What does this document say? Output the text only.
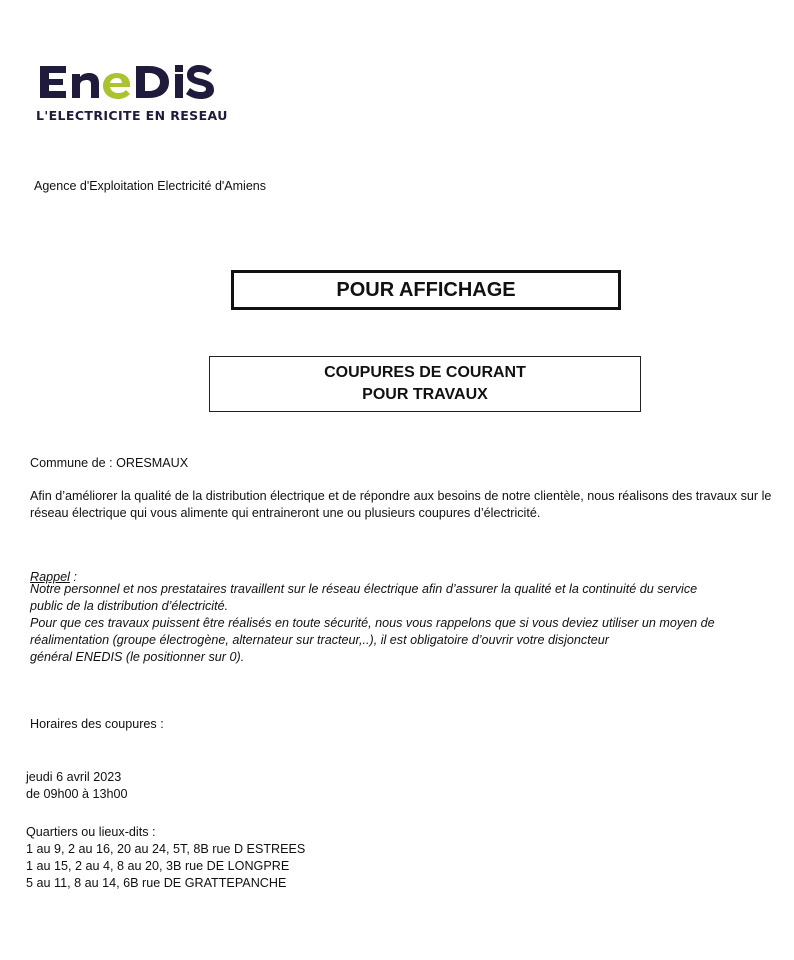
L'ELECTRICITE EN RESEAU
Agence d'Exploitation Electricité d'Amiens
POUR AFFICHAGE
COUPURES DE COURANT
POUR TRAVAUX
Commune de : ORESMAUX
Afin d’améliorer la qualité de la distribution électrique et de répondre aux besoins de notre clientèle, nous réalisons des travaux sur le réseau électrique qui vous alimente qui entraineront une ou plusieurs coupures d’électricité.
Rappel :
Notre personnel et nos prestataires travaillent sur le réseau électrique afin d’assurer la qualité et la continuité du service
public de la distribution d’électricité.
Pour que ces travaux puissent être réalisés en toute sécurité, nous vous rappelons que si vous deviez utiliser un moyen de
réalimentation (groupe électrogène, alternateur sur tracteur,..), il est obligatoire d’ouvrir votre disjoncteur
général ENEDIS (le positionner sur 0).
Horaires des coupures :
jeudi 6 avril 2023
de 09h00 à 13h00
Quartiers ou lieux-dits :
1 au 9, 2 au 16, 20 au 24, 5T, 8B rue D ESTREES
1 au 15, 2 au 4, 8 au 20, 3B rue DE LONGPRE
5 au 11, 8 au 14, 6B rue DE GRATTEPANCHE
